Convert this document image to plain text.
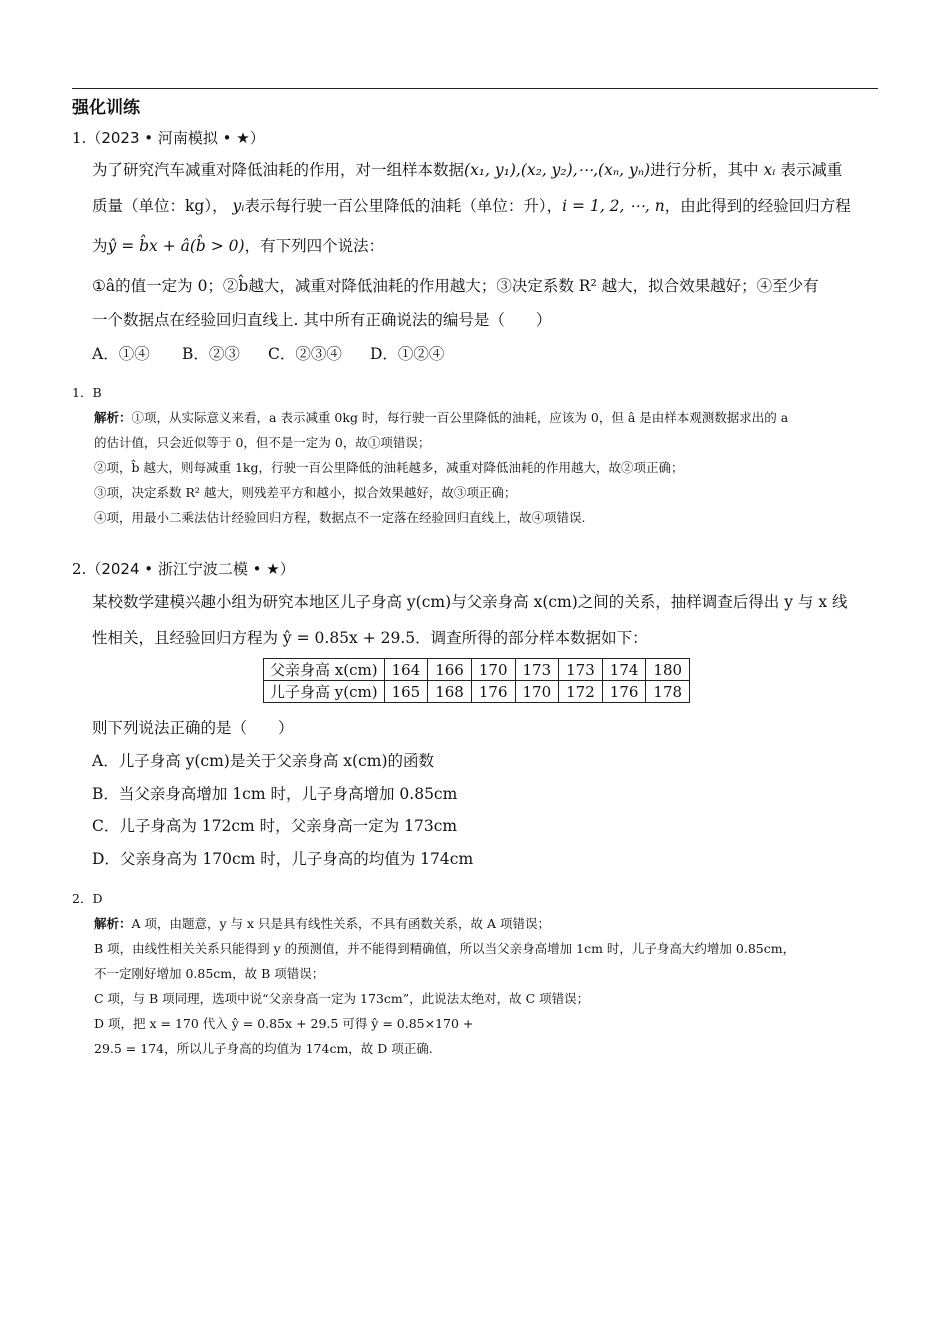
强化训练
1.（2023 • 河南模拟 • ★）

为了研究汽车减重对降低油耗的作用，对一组样本数据(x₁, y₁),(x₂, y₂),⋯,(xₙ, yₙ)进行分析，其中 xᵢ 表示减重

质量（单位：kg）， yᵢ表示每行驶一百公里降低的油耗（单位：升），i = 1, 2, ⋯, n，由此得到的经验回归方程

为ŷ = b̂x + â(b̂ > 0)，有下列四个说法：

①â的值一定为 0；②b̂越大，减重对降低油耗的作用越大；③决定系数 R² 越大，拟合效果越好；④至少有

一个数据点在经验回归直线上. 其中所有正确说法的编号是（　　）

A．①④ B．②③ C．②③④ D．①②④
1．B

解析：①项，从实际意义来看，a 表示减重 0kg 时，每行驶一百公里降低的油耗，应该为 0，但 â 是由样本观测数据求出的 a

的估计值，只会近似等于 0，但不是一定为 0，故①项错误；

②项，b̂ 越大，则每减重 1kg，行驶一百公里降低的油耗越多，减重对降低油耗的作用越大，故②项正确；

③项，决定系数 R² 越大，则残差平方和越小，拟合效果越好，故③项正确；

④项，用最小二乘法估计经验回归方程，数据点不一定落在经验回归直线上，故④项错误.

2.（2024 • 浙江宁波二模 • ★）

某校数学建模兴趣小组为研究本地区儿子身高 y(cm)与父亲身高 x(cm)之间的关系，抽样调查后得出 y 与 x 线

性相关，且经验回归方程为 ŷ = 0.85x + 29.5．调查所得的部分样本数据如下：

父亲身高 x(cm)	164	166	170	173	173	174	180
儿子身高 y(cm)	165	168	176	170	172	176	178

则下列说法正确的是（　　）

A．儿子身高 y(cm)是关于父亲身高 x(cm)的函数

B．当父亲身高增加 1cm 时，儿子身高增加 0.85cm

C．儿子身高为 172cm 时，父亲身高一定为 173cm

D．父亲身高为 170cm 时，儿子身高的均值为 174cm

2．D

解析：A 项，由题意，y 与 x 只是具有线性关系，不具有函数关系，故 A 项错误；

B 项，由线性相关关系只能得到 y 的预测值，并不能得到精确值，所以当父亲身高增加 1cm 时，儿子身高大约增加 0.85cm，

不一定刚好增加 0.85cm，故 B 项错误；

C 项，与 B 项同理，选项中说“父亲身高一定为 173cm”，此说法太绝对，故 C 项错误；

D 项，把 x = 170 代入 ŷ = 0.85x + 29.5 可得 ŷ = 0.85×170 +

29.5 = 174，所以儿子身高的均值为 174cm，故 D 项正确.
